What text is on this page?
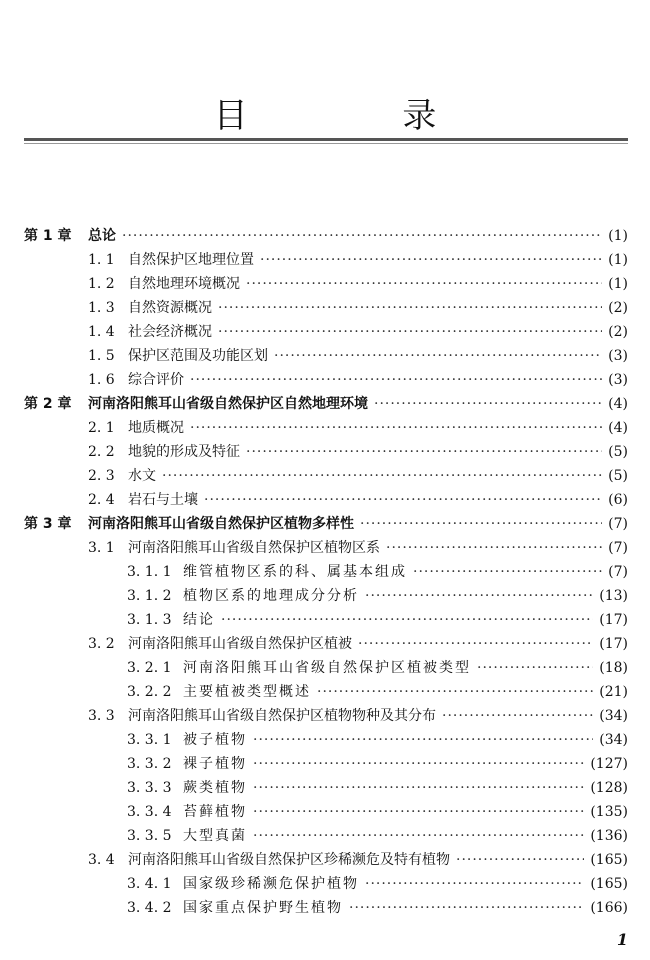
目 录
第 1 章	总论 ·····	(1)
1. 1 自然保护区地理位置 ·····	(1)
1. 2 自然地理环境概况 ·····	(1)
1. 3 自然资源概况 ·····	(2)
1. 4 社会经济概况 ·····	(2)
1. 5 保护区范围及功能区划 ·····	(3)
1. 6 综合评价 ·····	(3)
第 2 章	河南洛阳熊耳山省级自然保护区自然地理环境 ·····	(4)
2. 1 地质概况 ·····	(4)
2. 2 地貌的形成及特征 ·····	(5)
2. 3 水文 ·····	(5)
2. 4 岩石与土壤 ·····	(6)
第 3 章	河南洛阳熊耳山省级自然保护区植物多样性 ·····	(7)
3. 1 河南洛阳熊耳山省级自然保护区植物区系 ·····	(7)
3. 1. 1 维管植物区系的科、属基本组成 ·····	(7)
3. 1. 2 植物区系的地理成分分析 ·····	(13)
3. 1. 3 结论 ·····	(17)
3. 2 河南洛阳熊耳山省级自然保护区植被 ·····	(17)
3. 2. 1 河南洛阳熊耳山省级自然保护区植被类型 ·····	(18)
3. 2. 2 主要植被类型概述 ·····	(21)
3. 3 河南洛阳熊耳山省级自然保护区植物物种及其分布 ·····	(34)
3. 3. 1 被子植物 ·····	(34)
3. 3. 2 裸子植物 ·····	(127)
3. 3. 3 蕨类植物 ·····	(128)
3. 3. 4 苔藓植物 ·····	(135)
3. 3. 5 大型真菌 ·····	(136)
3. 4 河南洛阳熊耳山省级自然保护区珍稀濒危及特有植物 ·····	(165)
3. 4. 1 国家级珍稀濒危保护植物 ·····	(165)
3. 4. 2 国家重点保护野生植物 ·····	(166)
1
